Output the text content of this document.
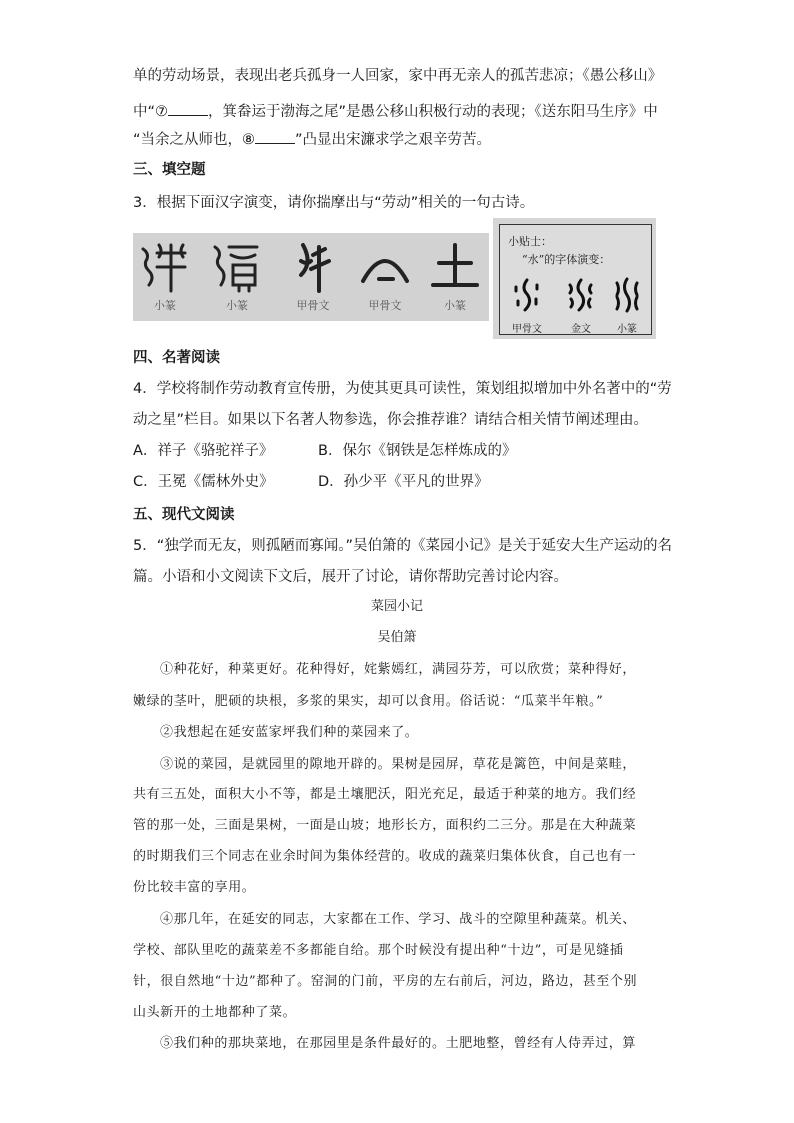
单的劳动场景，表现出老兵孤身一人回家，家中再无亲人的孤苦悲凉；《愚公移山》
中“⑦	，箕畚运于渤海之尾”是愚公移山积极行动的表现；《送东阳马生序》中
“当余之从师也，⑧	”凸显出宋濂求学之艰辛劳苦。
三、填空题
3．根据下面汉字演变，请你揣摩出与“劳动”相关的一句古诗。
小篆	小篆	甲骨文	甲骨文	小篆
小贴士：
“水”的字体演变：
甲骨文	金文	小篆
四、名著阅读
4．学校将制作劳动教育宣传册，为使其更具可读性，策划组拟增加中外名著中的“劳
动之星”栏目。如果以下名著人物参选，你会推荐谁？请结合相关情节阐述理由。
A．祥子《骆驼祥子》	B．保尔《钢铁是怎样炼成的》
C．王冕《儒林外史》	D．孙少平《平凡的世界》
五、现代文阅读
5．“独学而无友，则孤陋而寡闻。”吴伯箫的《菜园小记》是关于延安大生产运动的名
篇。小语和小文阅读下文后，展开了讨论，请你帮助完善讨论内容。
菜园小记
吴伯箫
①种花好，种菜更好。花种得好，姹紫嫣红，满园芬芳，可以欣赏；菜种得好，
嫩绿的茎叶，肥硕的块根，多浆的果实，却可以食用。俗话说：“瓜菜半年粮。”
②我想起在延安蓝家坪我们种的菜园来了。
③说的菜园，是就园里的隙地开辟的。果树是园屏，草花是篱笆，中间是菜畦，
共有三五处，面积大小不等，都是土壤肥沃，阳光充足，最适于种菜的地方。我们经
管的那一处，三面是果树，一面是山坡；地形长方，面积约二三分。那是在大种蔬菜
的时期我们三个同志在业余时间为集体经营的。收成的蔬菜归集体伙食，自己也有一
份比较丰富的享用。
④那几年，在延安的同志，大家都在工作、学习、战斗的空隙里种蔬菜。机关、
学校、部队里吃的蔬菜差不多都能自给。那个时候没有提出种“十边”，可是见缝插
针，很自然地“十边”都种了。窑洞的门前，平房的左右前后，河边，路边，甚至个别
山头新开的土地都种了菜。
⑤我们种的那块菜地，在那园里是条件最好的。土肥地整，曾经有人侍弄过，算
